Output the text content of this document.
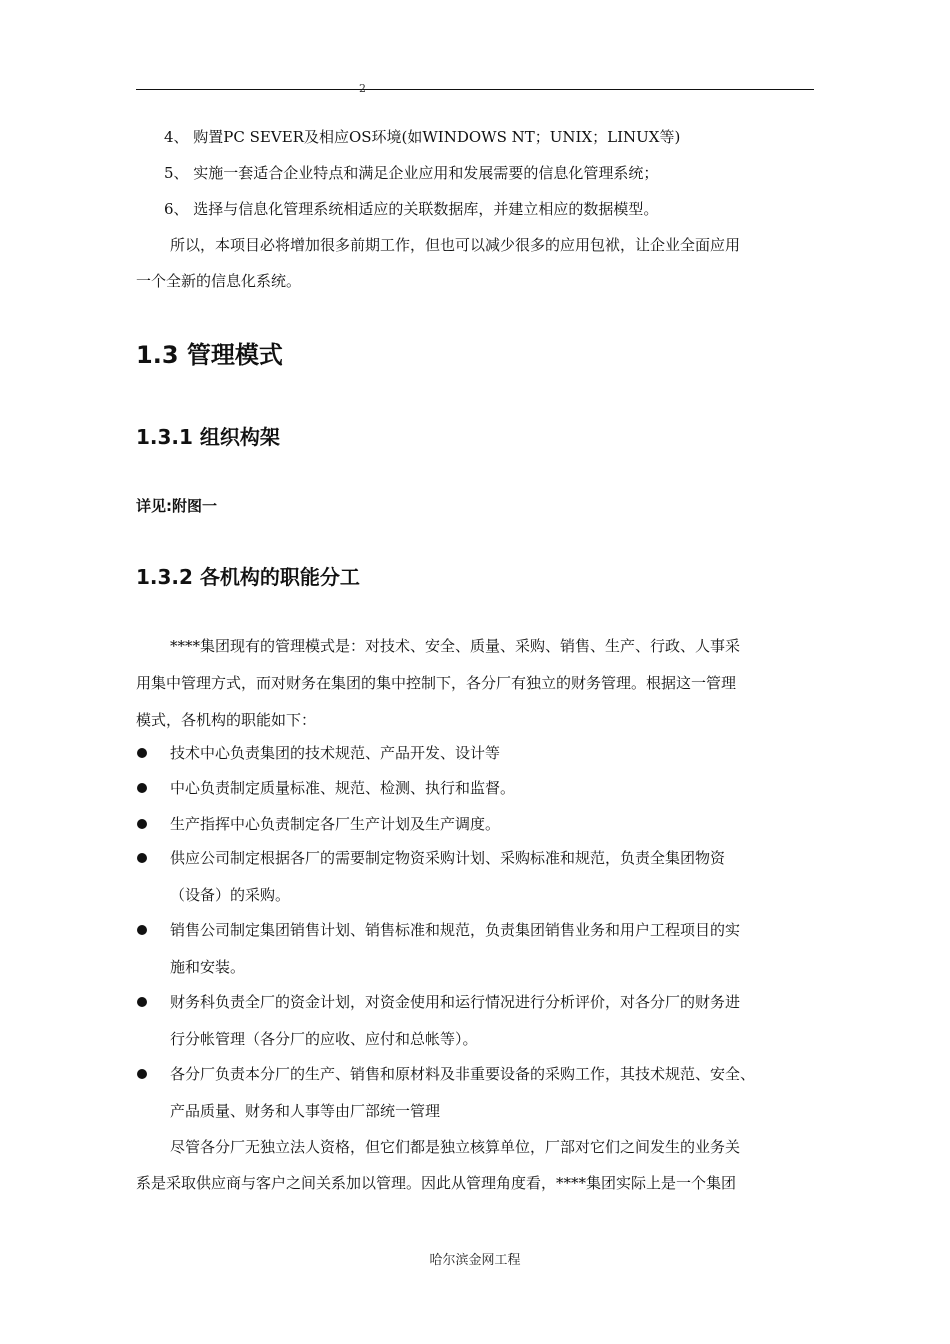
2
4、 购置PC SEVER及相应OS环境(如WINDOWS NT；UNIX；LINUX等)
5、 实施一套适合企业特点和满足企业应用和发展需要的信息化管理系统；
6、 选择与信息化管理系统相适应的关联数据库，并建立相应的数据模型。
所以，本项目必将增加很多前期工作，但也可以减少很多的应用包袱，让企业全面应用
一个全新的信息化系统。
1.3 管理模式
1.3.1 组织构架
详见:附图一
1.3.2 各机构的职能分工
****集团现有的管理模式是：对技术、安全、质量、采购、销售、生产、行政、人事采
用集中管理方式，而对财务在集团的集中控制下，各分厂有独立的财务管理。根据这一管理
模式，各机构的职能如下：
技术中心负责集团的技术规范、产品开发、设计等
中心负责制定质量标准、规范、检测、执行和监督。
生产指挥中心负责制定各厂生产计划及生产调度。
供应公司制定根据各厂的需要制定物资采购计划、采购标准和规范，负责全集团物资
（设备）的采购。
销售公司制定集团销售计划、销售标准和规范，负责集团销售业务和用户工程项目的实
施和安装。
财务科负责全厂的资金计划，对资金使用和运行情况进行分析评价，对各分厂的财务进
行分帐管理（各分厂的应收、应付和总帐等）。
各分厂负责本分厂的生产、销售和原材料及非重要设备的采购工作，其技术规范、安全、
产品质量、财务和人事等由厂部统一管理
尽管各分厂无独立法人资格，但它们都是独立核算单位，厂部对它们之间发生的业务关
系是采取供应商与客户之间关系加以管理。因此从管理角度看，****集团实际上是一个集团
哈尔滨金网工程
